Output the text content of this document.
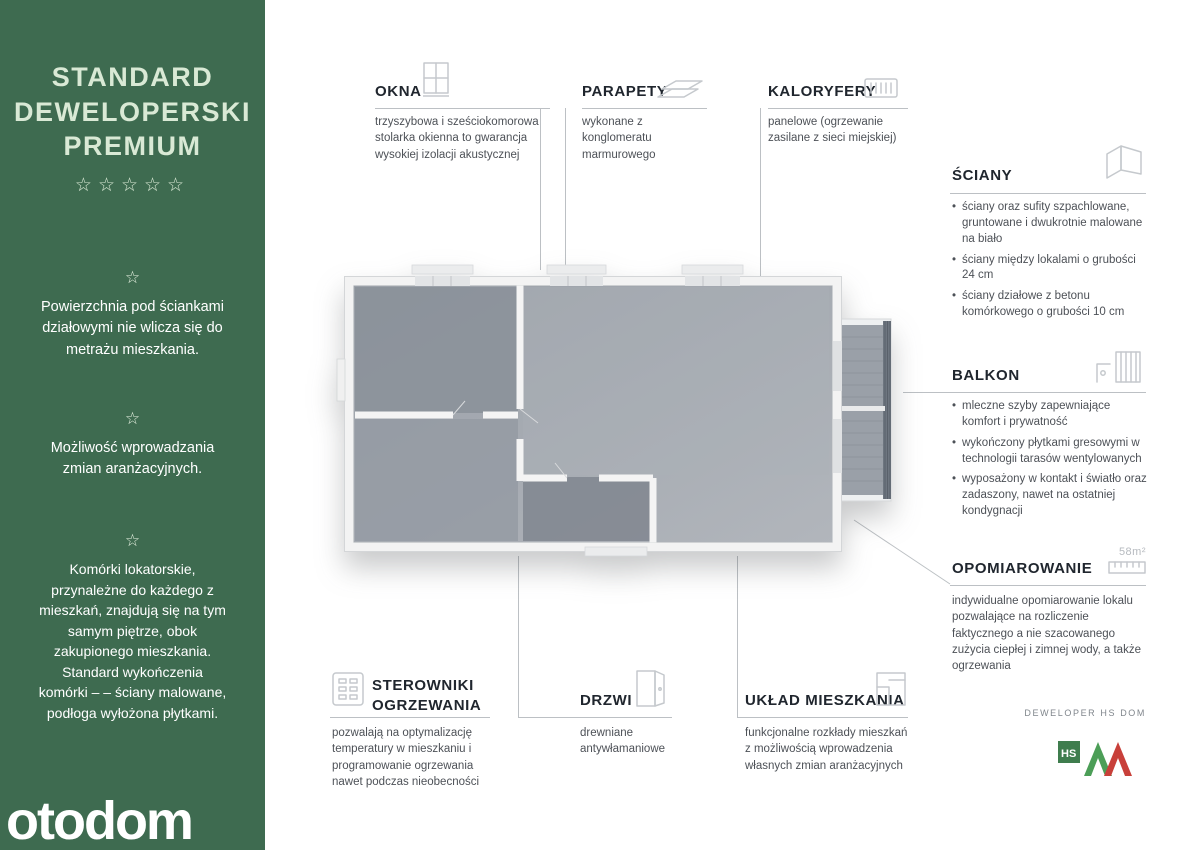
STANDARD DEWELOPERSKI PREMIUM
☆☆☆☆☆
☆

Powierzchnia pod ściankami działowymi nie wlicza się do metrażu mieszkania.

☆

Możliwość wprowadzania zmian aranżacyjnych.

☆

Komórki lokatorskie, przynależne do każdego z mieszkań, znajdują się na tym samym piętrze, obok zakupionego mieszkania. Standard wykończenia komórki – – ściany malowane, podłoga wyłożona płytkami.

otodom
OKNA

trzyszybowa i sześciokomorowa stolarka okienna to gwarancja wysokiej izolacji akustycznej

PARAPETY

wykonane z konglomeratu marmurowego

KALORYFERY

panelowe (ogrzewanie zasilane z sieci miejskiej)

ŚCIANY
• ściany oraz sufity szpachlowane, gruntowane i dwukrotnie malowane na biało
• ściany między lokalami o grubości 24 cm
• ściany działowe z betonu komórkowego o grubości 10 cm
BALKON
• mleczne szyby zapewniające komfort i prywatność
• wykończony płytkami gresowymi w technologii tarasów wentylowanych
• wyposażony w kontakt i światło oraz zadaszony, nawet na ostatniej kondygnacji
OPOMIAROWANIE
58m²

indywidualne opomiarowanie lokalu pozwalające na rozliczenie faktycznego a nie szacowanego zużycia ciepłej i zimnej wody, a także ogrzewania

STEROWNIKI OGRZEWANIA

pozwalają na optymalizację temperatury w mieszkaniu i programowanie ogrzewania nawet podczas nieobecności

DRZWI

drewniane antywłamaniowe

UKŁAD MIESZKANIA

funkcjonalne rozkłady mieszkań z możliwością wprowadzenia własnych zmian aranżacyjnych

DEWELOPER HS DOM
HS
